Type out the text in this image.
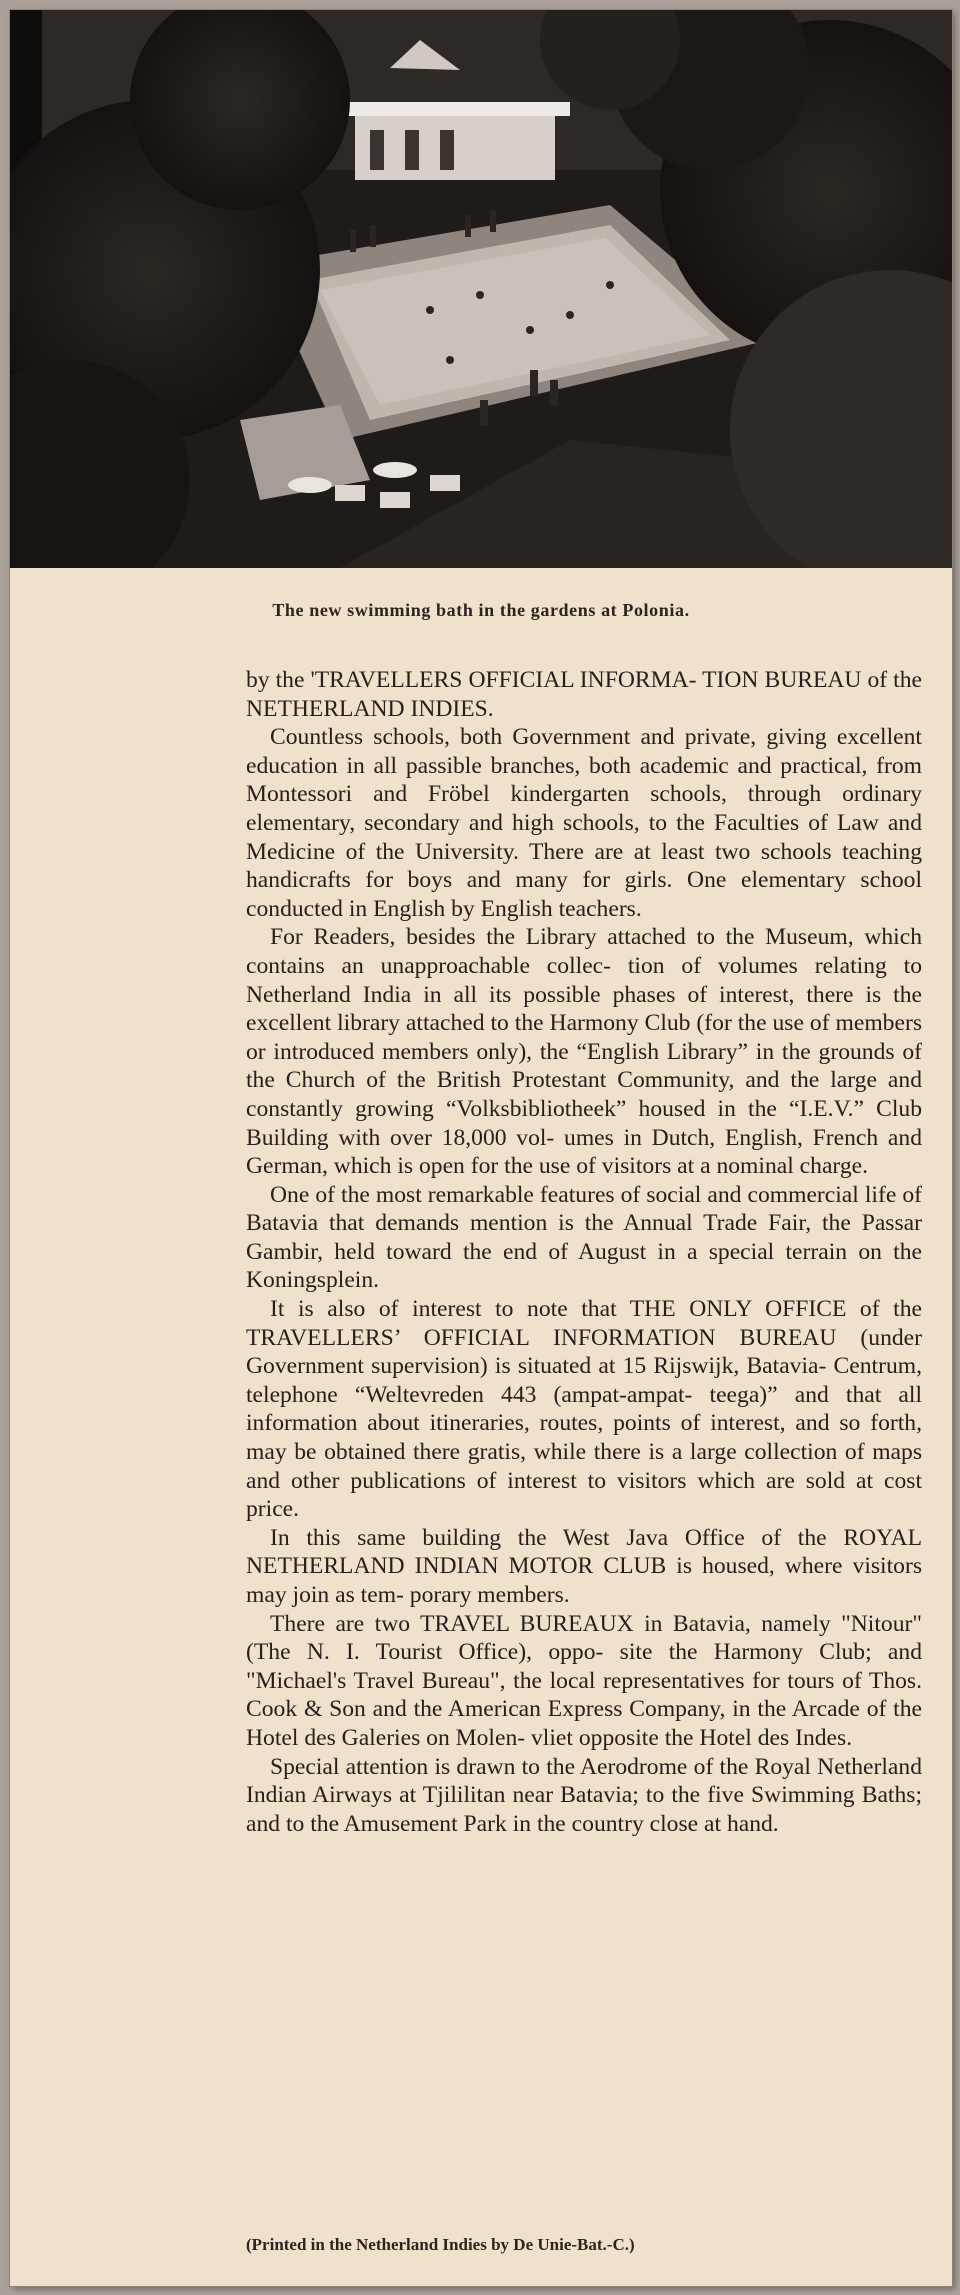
The new swimming bath in the gardens at Polonia.

by the 'TRAVELLERS OFFICIAL INFORMA- TION BUREAU of the NETHERLAND INDIES.

Countless schools, both Government and private, giving excellent education in all passible branches, both academic and practical, from Montessori and Fröbel kindergarten schools, through ordinary elementary, secondary and high schools, to the Faculties of Law and Medicine of the University. There are at least two schools teaching handicrafts for boys and many for girls. One elementary school conducted in English by English teachers.

For Readers, besides the Library attached to the Museum, which contains an unapproachable collec- tion of volumes relating to Netherland India in all its possible phases of interest, there is the excellent library attached to the Harmony Club (for the use of members or introduced members only), the “English Library” in the grounds of the Church of the British Protestant Community, and the large and constantly growing “Volksbibliotheek” housed in the “I.E.V.” Club Building with over 18,000 vol- umes in Dutch, English, French and German, which is open for the use of visitors at a nominal charge.

One of the most remarkable features of social and commercial life of Batavia that demands mention is the Annual Trade Fair, the Passar Gambir, held toward the end of August in a special terrain on the Koningsplein.

It is also of interest to note that THE ONLY OFFICE of the TRAVELLERS’ OFFICIAL INFORMATION BUREAU (under Government supervision) is situated at 15 Rijswijk, Batavia- Centrum, telephone “Weltevreden 443 (ampat-ampat- teega)” and that all information about itineraries, routes, points of interest, and so forth, may be obtained there gratis, while there is a large collection of maps and other publications of interest to visitors which are sold at cost price.

In this same building the West Java Office of the ROYAL NETHERLAND INDIAN MOTOR CLUB is housed, where visitors may join as tem- porary members.

There are two TRAVEL BUREAUX in Batavia, namely "Nitour" (The N. I. Tourist Office), oppo- site the Harmony Club; and "Michael's Travel Bureau", the local representatives for tours of Thos. Cook & Son and the American Express Company, in the Arcade of the Hotel des Galeries on Molen- vliet opposite the Hotel des Indes.

Special attention is drawn to the Aerodrome of the Royal Netherland Indian Airways at Tjililitan near Batavia; to the five Swimming Baths; and to the Amusement Park in the country close at hand.

(Printed in the Netherland Indies by De Unie-Bat.-C.)
